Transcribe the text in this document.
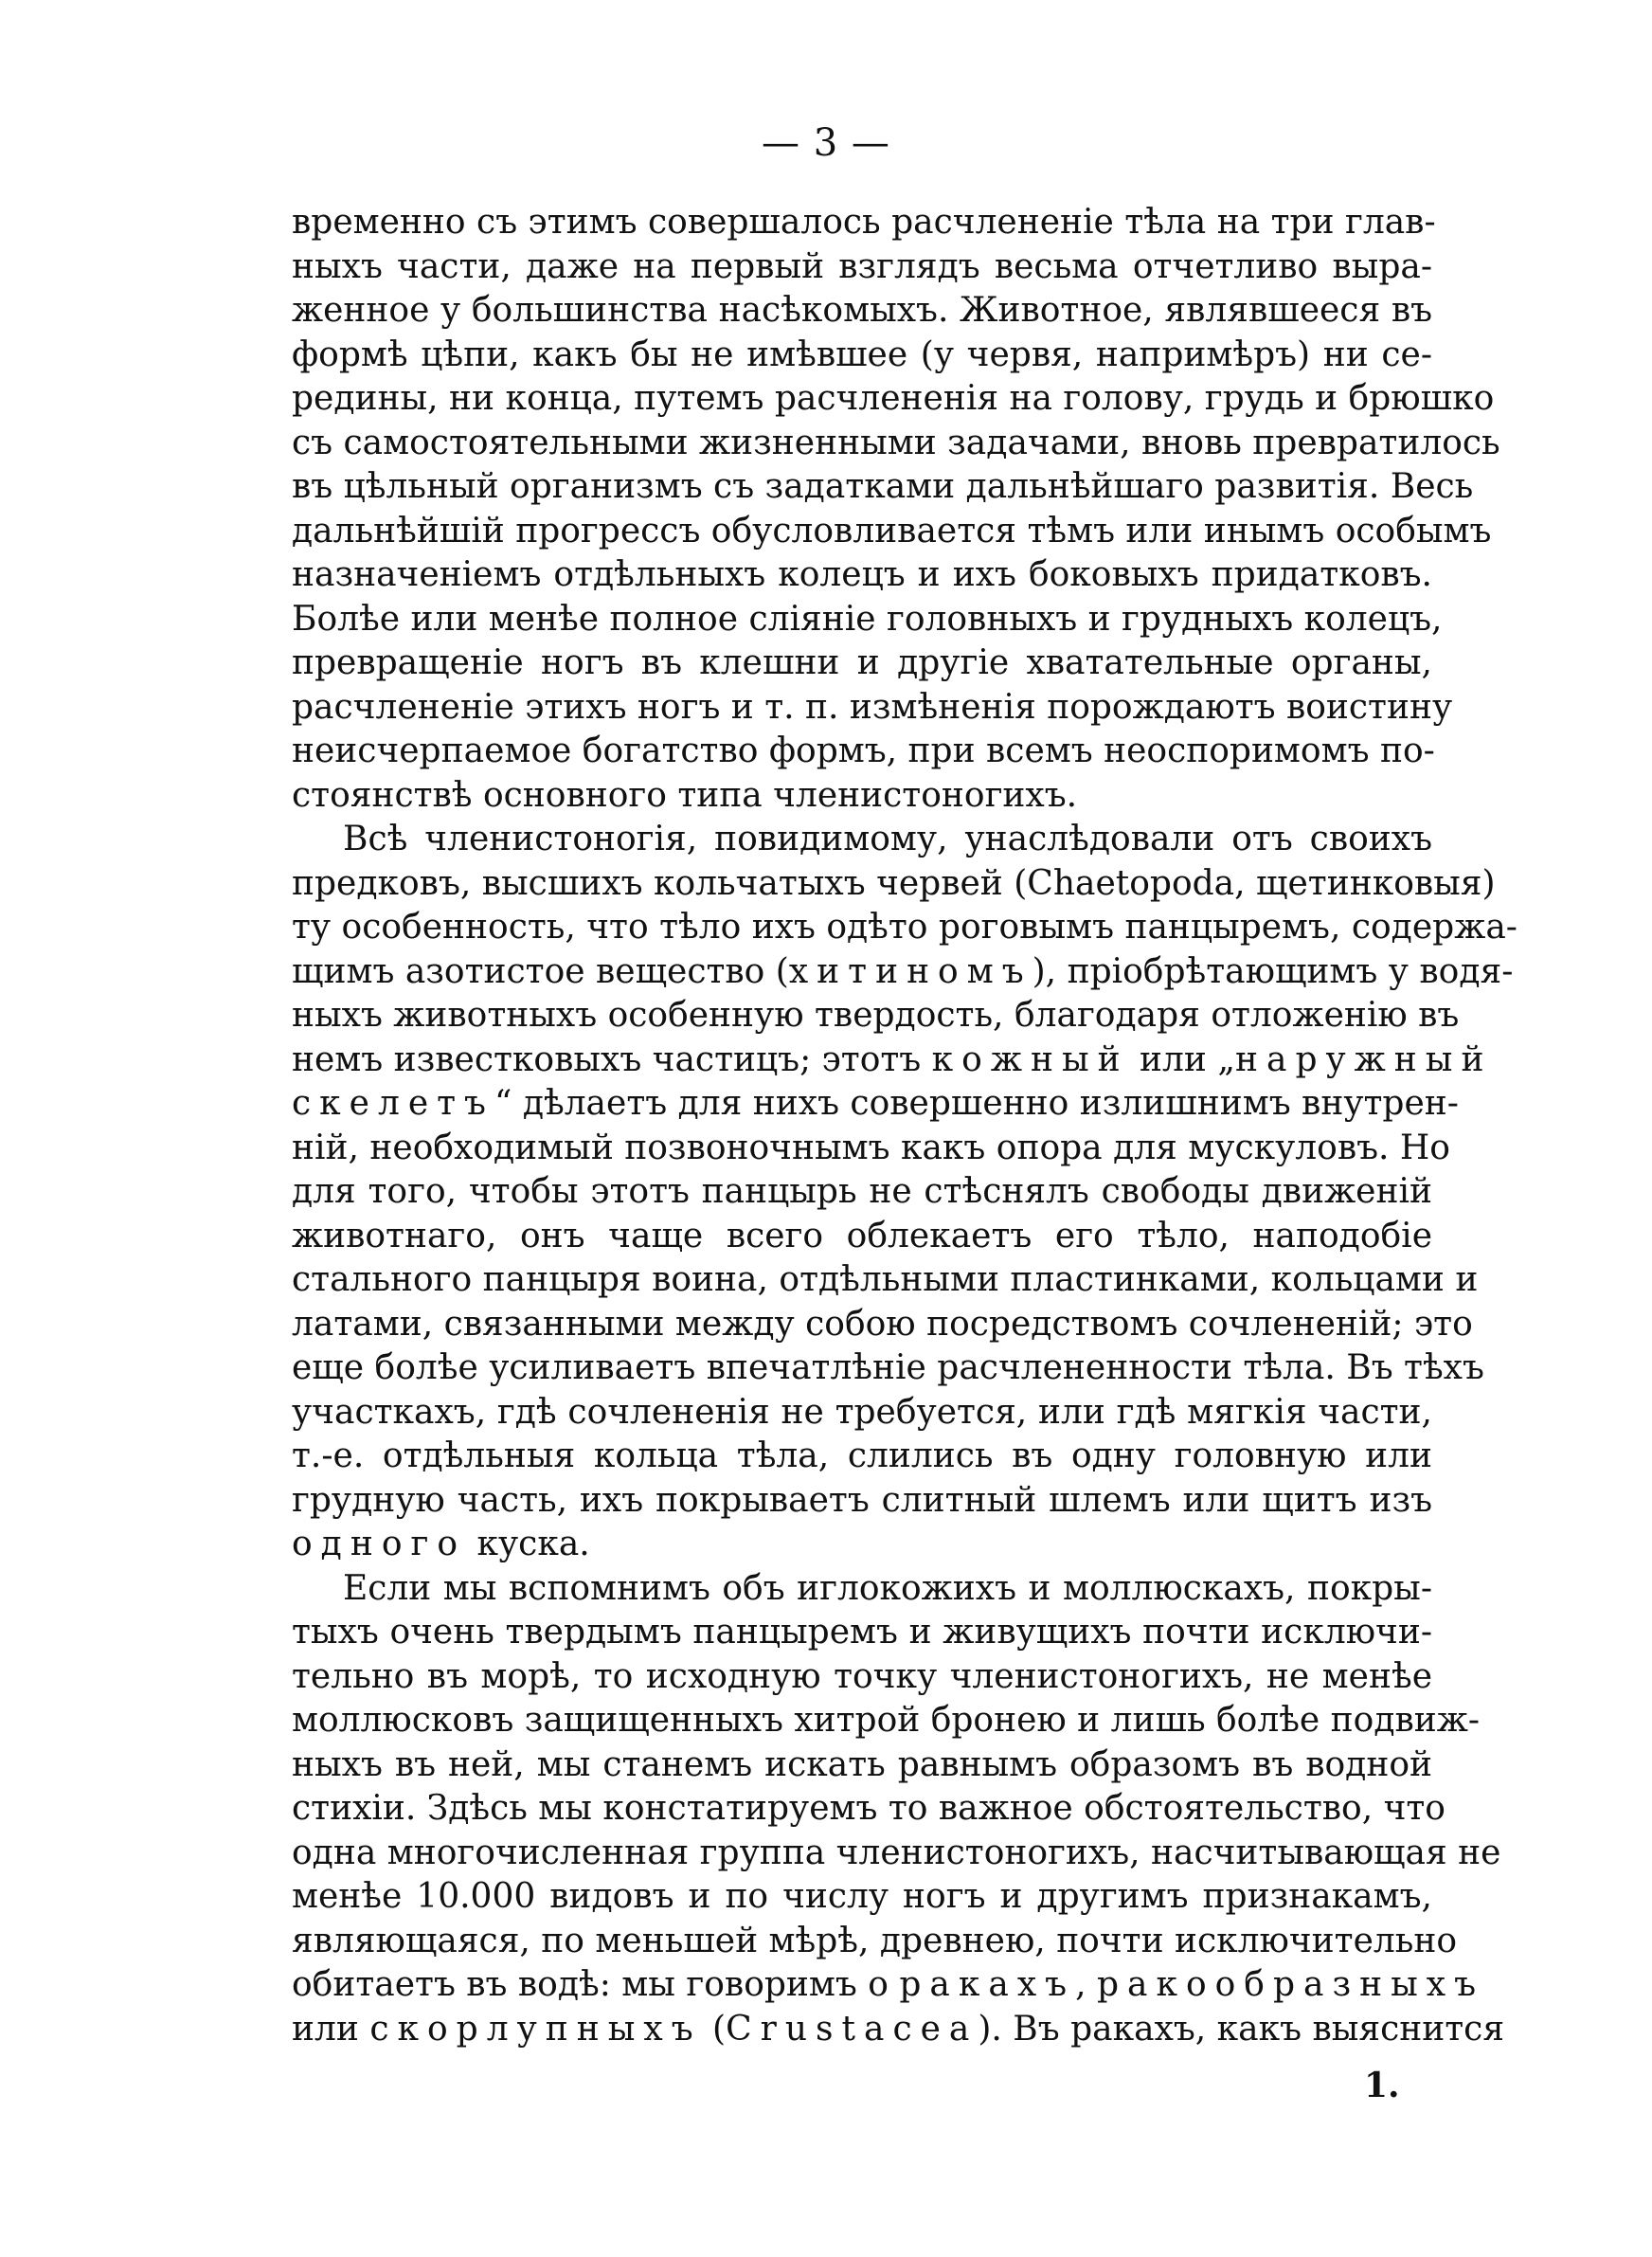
— 3 —
временно съ этимъ совершалось расчлененіе тѣла на три глав-
ныхъ части, даже на первый взглядъ весьма отчетливо выра-
женное у большинства насѣкомыхъ. Животное, являвшееся въ
формѣ цѣпи, какъ бы не имѣвшее (у червя, напримѣръ) ни се-
редины, ни конца, путемъ расчлененія на голову, грудь и брюшко
съ самостоятельными жизненными задачами, вновь превратилось
въ цѣльный организмъ съ задатками дальнѣйшаго развитія. Весь
дальнѣйшій прогрессъ обусловливается тѣмъ или инымъ особымъ
назначеніемъ отдѣльныхъ колецъ и ихъ боковыхъ придатковъ.
Болѣе или менѣе полное сліяніе головныхъ и грудныхъ колецъ,
превращеніе ногъ въ клешни и другіе хватательные органы,
расчлененіе этихъ ногъ и т. п. измѣненія порождаютъ воистину
неисчерпаемое богатство формъ, при всемъ неоспоримомъ по-
стоянствѣ основного типа членистоногихъ.
Всѣ членистоногія, повидимому, унаслѣдовали отъ своихъ
предковъ, высшихъ кольчатыхъ червей (Chaetopoda, щетинковыя)
ту особенность, что тѣло ихъ одѣто роговымъ панцыремъ, содержа-
щимъ азотистое вещество (хитиномъ), пріобрѣтающимъ у водя-
ныхъ животныхъ особенную твердость, благодаря отложенію въ
немъ известковыхъ частицъ; этотъ кожный или „наружный
скелетъ“ дѣлаетъ для нихъ совершенно излишнимъ внутрен-
ній, необходимый позвоночнымъ какъ опора для мускуловъ. Но
для того, чтобы этотъ панцырь не стѣснялъ свободы движеній
животнаго, онъ чаще всего облекаетъ его тѣло, наподобіе
стального панцыря воина, отдѣльными пластинками, кольцами и
латами, связанными между собою посредствомъ сочлененій; это
еще болѣе усиливаетъ впечатлѣніе расчлененности тѣла. Въ тѣхъ
участкахъ, гдѣ сочлененія не требуется, или гдѣ мягкія части,
т.-е. отдѣльныя кольца тѣла, слились въ одну головную или
грудную часть, ихъ покрываетъ слитный шлемъ или щитъ изъ
одного куска.
Если мы вспомнимъ объ иглокожихъ и моллюскахъ, покры-
тыхъ очень твердымъ панцыремъ и живущихъ почти исключи-
тельно въ морѣ, то исходную точку членистоногихъ, не менѣе
моллюсковъ защищенныхъ хитрой бронею и лишь болѣе подвиж-
ныхъ въ ней, мы станемъ искать равнымъ образомъ въ водной
стихіи. Здѣсь мы констатируемъ то важное обстоятельство, что
одна многочисленная группа членистоногихъ, насчитывающая не
менѣе 10.000 видовъ и по числу ногъ и другимъ признакамъ,
являющаяся, по меньшей мѣрѣ, древнею, почти исключительно
обитаетъ въ водѣ: мы говоримъ о ракахъ, ракообразныхъ
или скорлупныхъ (Crustacea). Въ ракахъ, какъ выяснится
1.
